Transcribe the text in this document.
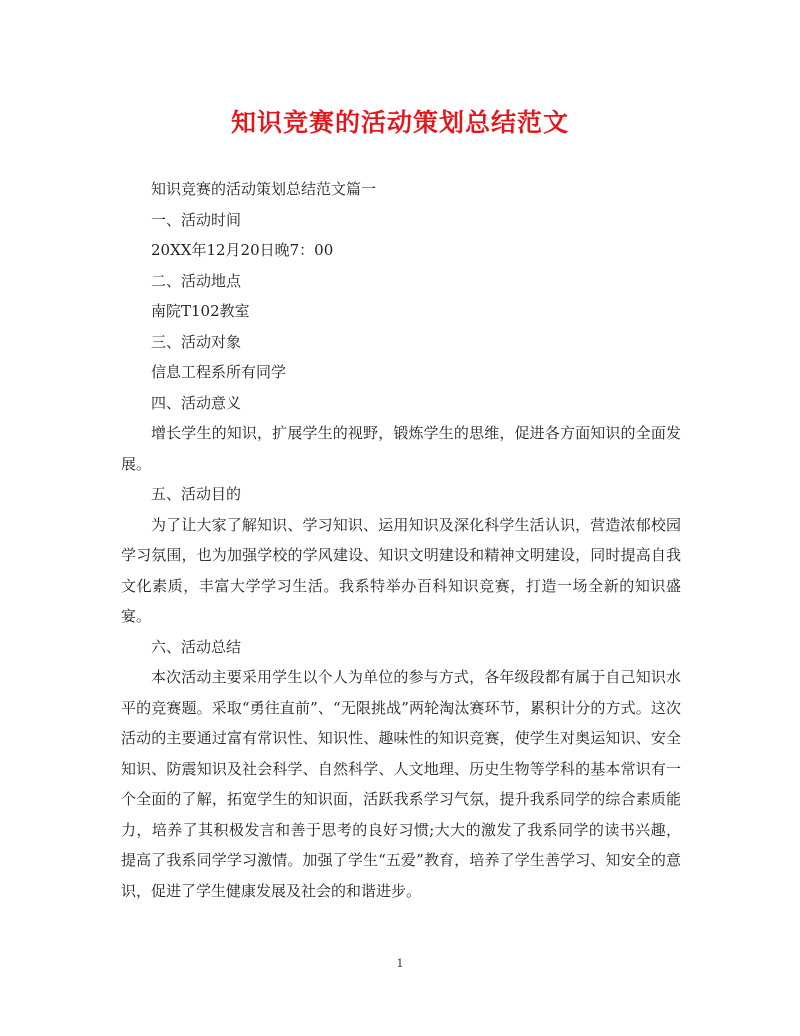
知识竞赛的活动策划总结范文

知识竞赛的活动策划总结范文篇一

一、活动时间

20XX年12月20日晚7：00

二、活动地点

南院T102教室

三、活动对象

信息工程系所有同学

四、活动意义

增长学生的知识，扩展学生的视野，锻炼学生的思维，促进各方面知识的全面发展。

五、活动目的

为了让大家了解知识、学习知识、运用知识及深化科学生活认识，营造浓郁校园学习氛围，也为加强学校的学风建设、知识文明建设和精神文明建设，同时提高自我文化素质，丰富大学学习生活。我系特举办百科知识竞赛，打造一场全新的知识盛宴。

六、活动总结

本次活动主要采用学生以个人为单位的参与方式，各年级段都有属于自己知识水平的竞赛题。采取“勇往直前”、“无限挑战”两轮淘汰赛环节，累积计分的方式。这次活动的主要通过富有常识性、知识性、趣味性的知识竞赛，使学生对奥运知识、安全知识、防震知识及社会科学、自然科学、人文地理、历史生物等学科的基本常识有一个全面的了解，拓宽学生的知识面，活跃我系学习气氛，提升我系同学的综合素质能力，培养了其积极发言和善于思考的良好习惯;大大的激发了我系同学的读书兴趣，提高了我系同学学习激情。加强了学生“五爱”教育，培养了学生善学习、知安全的意识，促进了学生健康发展及社会的和谐进步。

1
